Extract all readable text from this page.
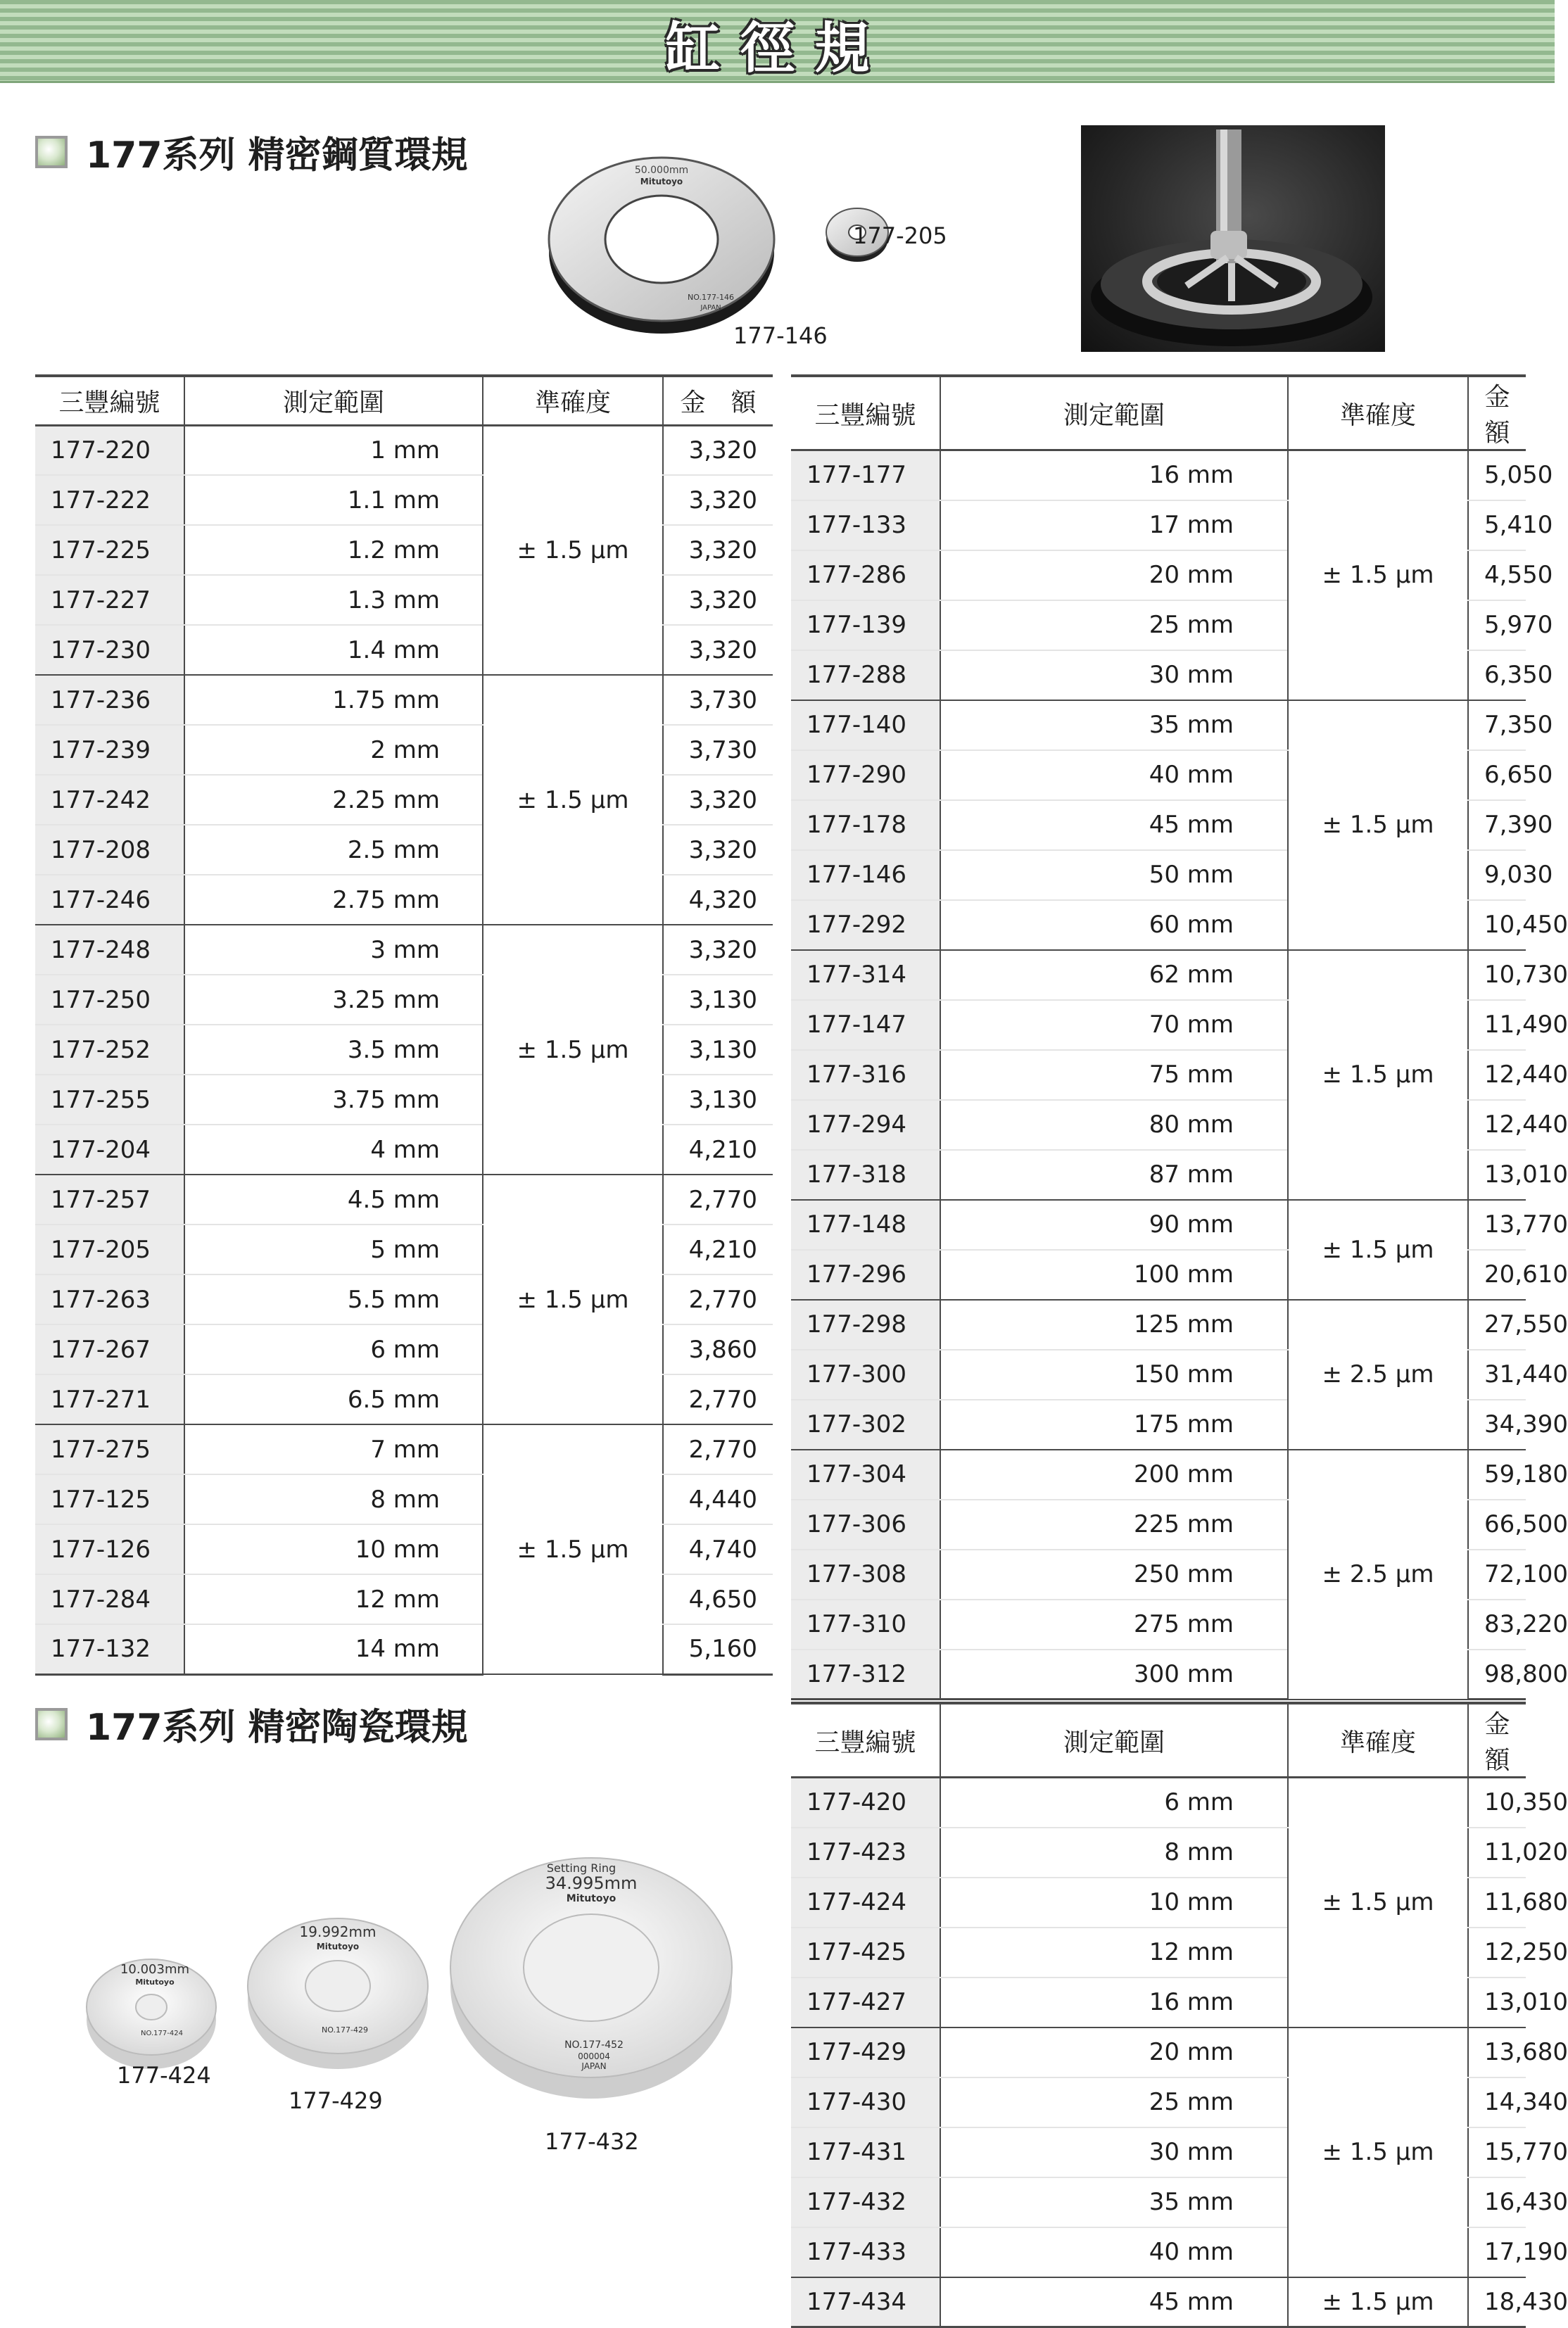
缸徑規
177系列 精密鋼質環規	50.000mm
Mitutoyo
NO.177-146
JAPAN
177-205
177-146
三豐編號	測定範圍	準確度	金　額
177-220	1 mm	± 1.5 μm	3,320
177-222	1.1 mm		3,320
177-225	1.2 mm		3,320
177-227	1.3 mm		3,320
177-230	1.4 mm		3,320
177-236	1.75 mm	± 1.5 μm	3,730
177-239	2 mm		3,730
177-242	2.25 mm		3,320
177-208	2.5 mm		3,320
177-246	2.75 mm		4,320
177-248	3 mm	± 1.5 μm	3,320
177-250	3.25 mm		3,130
177-252	3.5 mm		3,130
177-255	3.75 mm		3,130
177-204	4 mm		4,210
177-257	4.5 mm	± 1.5 μm	2,770
177-205	5 mm		4,210
177-263	5.5 mm		2,770
177-267	6 mm		3,860
177-271	6.5 mm		2,770
177-275	7 mm	± 1.5 μm	2,770
177-125	8 mm		4,440
177-126	10 mm		4,740
177-284	12 mm		4,650
177-132	14 mm		5,160
三豐編號	測定範圍	準確度	金　額
177-177	16 mm	± 1.5 μm	5,050
177-133	17 mm		5,410
177-286	20 mm		4,550
177-139	25 mm		5,970
177-288	30 mm		6,350
177-140	35 mm	± 1.5 μm	7,350
177-290	40 mm		6,650
177-178	45 mm		7,390
177-146	50 mm		9,030
177-292	60 mm		10,450
177-314	62 mm	± 1.5 μm	10,730
177-147	70 mm		11,490
177-316	75 mm		12,440
177-294	80 mm		12,440
177-318	87 mm		13,010
177-148	90 mm	± 1.5 μm	13,770
177-296	100 mm		20,610
177-298	125 mm	± 2.5 μm	27,550
177-300	150 mm		31,440
177-302	175 mm		34,390
177-304	200 mm	± 2.5 μm	59,180
177-306	225 mm		66,500
177-308	250 mm		72,100
177-310	275 mm		83,220
177-312	300 mm		98,800
177系列 精密陶瓷環規
10.003mm
Mitutoyo
NO.177-424
19.992mm
Mitutoyo
NO.177-429
Setting Ring
34.995mm
Mitutoyo
NO.177-452
000004
JAPAN
177-424
177-429
177-432
三豐編號	測定範圍	準確度	金　額
177-420	6 mm	± 1.5 μm	10,350
177-423	8 mm		11,020
177-424	10 mm		11,680
177-425	12 mm		12,250
177-427	16 mm		13,010
177-429	20 mm	± 1.5 μm	13,680
177-430	25 mm		14,340
177-431	30 mm		15,770
177-432	35 mm		16,430
177-433	40 mm		17,190
177-434	45 mm	± 1.5 μm	18,430
